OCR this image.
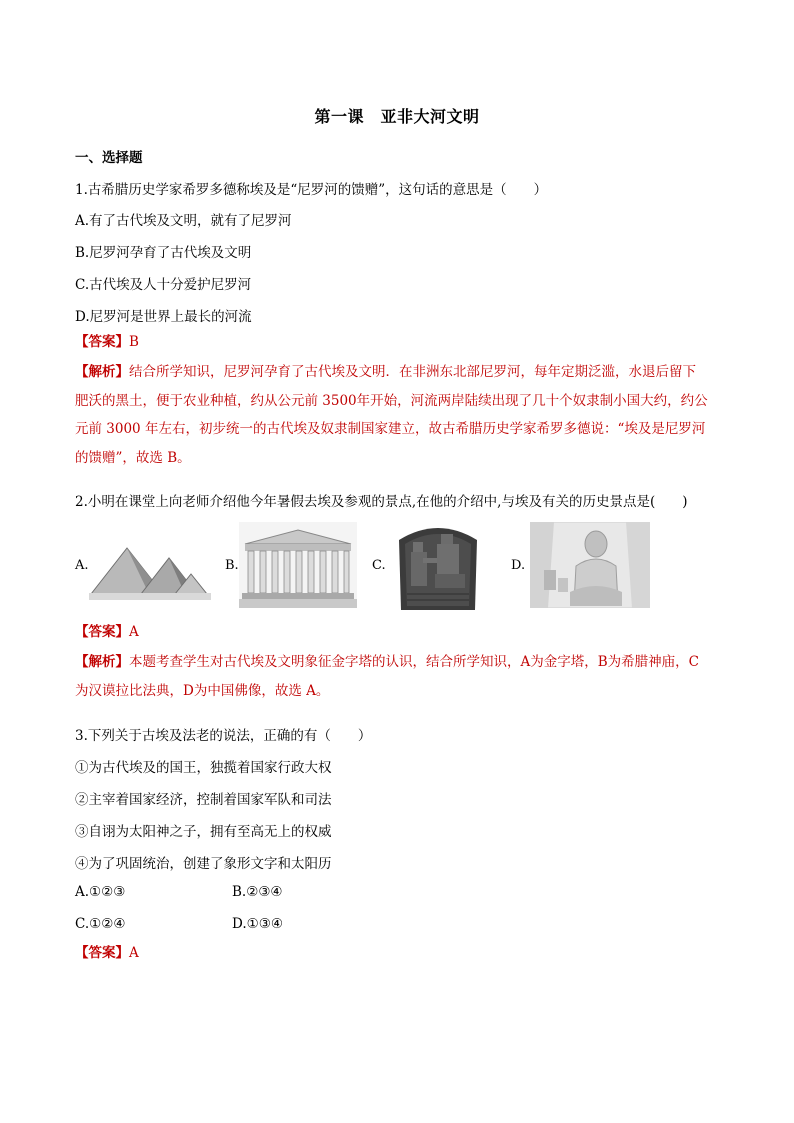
第一课　亚非大河文明
一、选择题
1.古希腊历史学家希罗多德称埃及是“尼罗河的馈赠”，这句话的意思是（　　）
A.有了古代埃及文明，就有了尼罗河
B.尼罗河孕育了古代埃及文明
C.古代埃及人十分爱护尼罗河
D.尼罗河是世界上最长的河流
【答案】B
【解析】结合所学知识，尼罗河孕育了古代埃及文明．在非洲东北部尼罗河，每年定期泛滥，水退后留下
肥沃的黑土，便于农业种植，约从公元前 3500年开始，河流两岸陆续出现了几十个奴隶制小国大约，约公
元前 3000 年左右，初步统一的古代埃及奴隶制国家建立，故古希腊历史学家希罗多德说：“埃及是尼罗河
的馈赠”，故选 B。
2.小明在课堂上向老师介绍他今年暑假去埃及参观的景点,在他的介绍中,与埃及有关的历史景点是(　　)
A.	B.	C.	D.
【答案】A
【解析】本题考查学生对古代埃及文明象征金字塔的认识，结合所学知识，A为金字塔，B为希腊神庙，C
为汉谟拉比法典，D为中国佛像，故选 A。
3.下列关于古埃及法老的说法，正确的有（　　）
①为古代埃及的国王，独揽着国家行政大权
②主宰着国家经济，控制着国家军队和司法
③自诩为太阳神之子，拥有至高无上的权威
④为了巩固统治，创建了象形文字和太阳历
A.①②③	B.②③④
C.①②④	D.①③④
【答案】A
